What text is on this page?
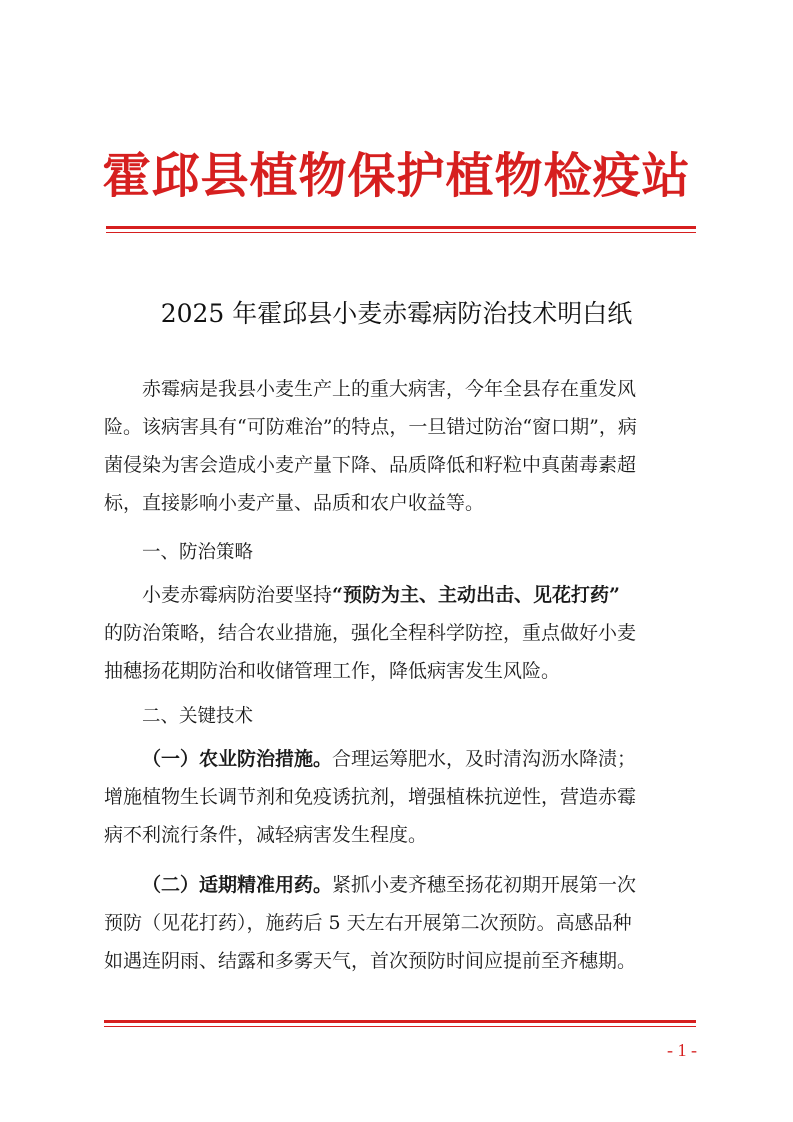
霍邱县植物保护植物检疫站
2025 年霍邱县小麦赤霉病防治技术明白纸

赤霉病是我县小麦生产上的重大病害，今年全县存在重发风
险。该病害具有“可防难治”的特点，一旦错过防治“窗口期”，病
菌侵染为害会造成小麦产量下降、品质降低和籽粒中真菌毒素超
标，直接影响小麦产量、品质和农户收益等。

一、防治策略

小麦赤霉病防治要坚持“预防为主、主动出击、见花打药”
的防治策略，结合农业措施，强化全程科学防控，重点做好小麦
抽穗扬花期防治和收储管理工作，降低病害发生风险。

二、关键技术

（一）农业防治措施。合理运筹肥水，及时清沟沥水降渍；
增施植物生长调节剂和免疫诱抗剂，增强植株抗逆性，营造赤霉
病不利流行条件，减轻病害发生程度。
（二）适期精准用药。紧抓小麦齐穗至扬花初期开展第一次
预防（见花打药），施药后 5 天左右开展第二次预防。高感品种
如遇连阴雨、结露和多雾天气，首次预防时间应提前至齐穗期。
- 1 -
